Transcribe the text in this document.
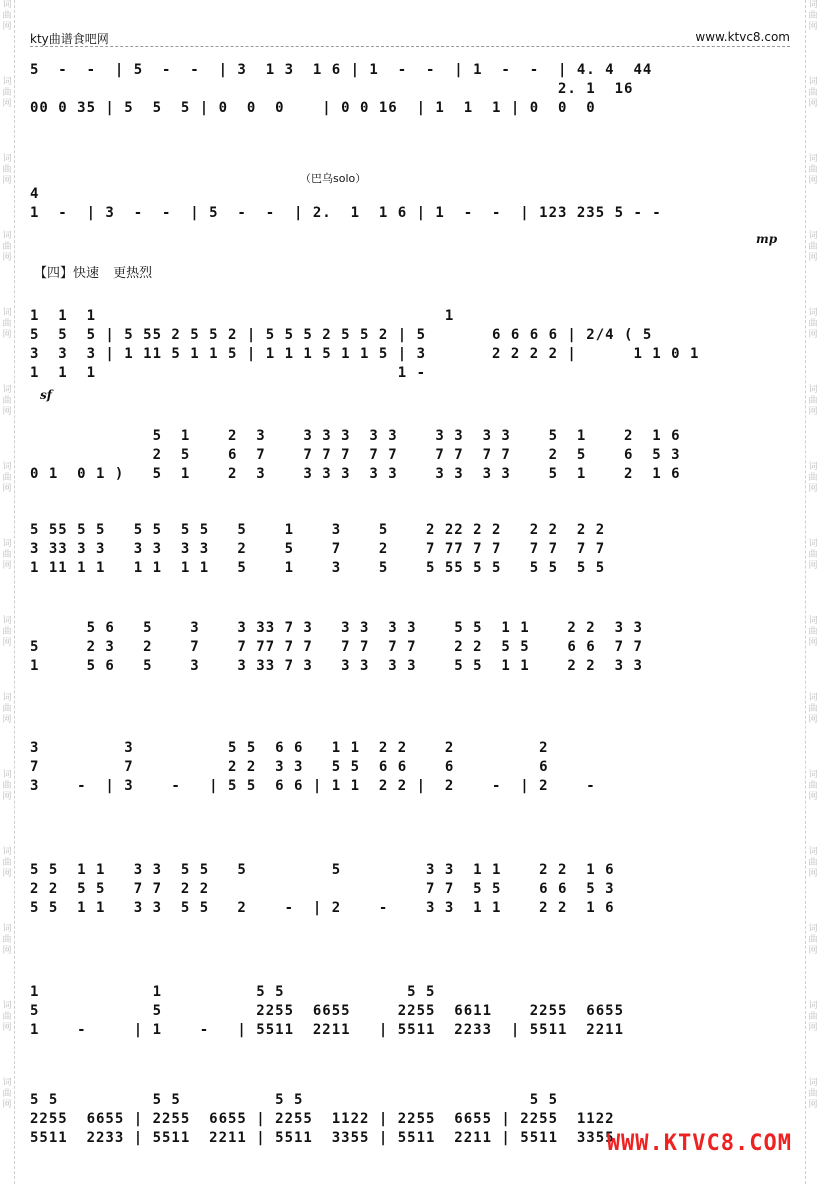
词
曲
网

词
曲
网

词
曲
网

词
曲
网

词
曲
网

词
曲
网

词
曲
网

词
曲
网

词
曲
网

词
曲
网

词
曲
网

词
曲
网

词
曲
网

词
曲
网

词
曲
网
词
曲
网

词
曲
网

词
曲
网

词
曲
网

词
曲
网

词
曲
网

词
曲
网

词
曲
网

词
曲
网

词
曲
网

词
曲
网

词
曲
网

词
曲
网

词
曲
网

词
曲
网
kty曲谱食吧网	www.ktvc8.com
5  -  -  | 5  -  -  | 3  1 3  1 6 | 1  -  -  | 1  -  -  | 4. 4  44
2. 1  16
00 0 35 | 5  5  5 | 0  0  0    | 0 0 16  | 1  1  1 | 0  0  0
4
1  -  | 3  -  -  | 5  -  -  | 2.  1  1 6 | 1  -  -  | 123 235 5 - -
（巴乌solo）
mp
【四】快速 更热烈
1  1  1                                     1
5  5  5 | 5 55 2 5 5 2 | 5 5 5 2 5 5 2 | 5       6 6 6 6 | 2/4 ( 5
3  3  3 | 1 11 5 1 1 5 | 1 1 1 5 1 1 5 | 3       2 2 2 2 |      1 1 0 1
1  1  1                                1 -
sf
5  1    2  3    3 3 3  3 3    3 3  3 3    5  1    2  1 6
2  5    6  7    7 7 7  7 7    7 7  7 7    2  5    6  5 3
0 1  0 1 )   5  1    2  3    3 3 3  3 3    3 3  3 3    5  1    2  1 6
5 55 5 5   5 5  5 5   5    1    3    5    2 22 2 2   2 2  2 2
3 33 3 3   3 3  3 3   2    5    7    2    7 77 7 7   7 7  7 7
1 11 1 1   1 1  1 1   5    1    3    5    5 55 5 5   5 5  5 5
5 6   5    3    3 33 7 3   3 3  3 3    5 5  1 1    2 2  3 3
5     2 3   2    7    7 77 7 7   7 7  7 7    2 2  5 5    6 6  7 7
1     5 6   5    3    3 33 7 3   3 3  3 3    5 5  1 1    2 2  3 3
3         3          5 5  6 6   1 1  2 2    2         2
7         7          2 2  3 3   5 5  6 6    6         6
3    -  | 3    -   | 5 5  6 6 | 1 1  2 2 |  2    -  | 2    -
5 5  1 1   3 3  5 5   5         5         3 3  1 1    2 2  1 6
2 2  5 5   7 7  2 2                       7 7  5 5    6 6  5 3
5 5  1 1   3 3  5 5   2    -  | 2    -    3 3  1 1    2 2  1 6
1            1          5 5             5 5
5            5          2255  6655     2255  6611    2255  6655
1    -     | 1    -   | 5511  2211   | 5511  2233  | 5511  2211
5 5          5 5          5 5                        5 5
2255  6655 | 2255  6655 | 2255  1122 | 2255  6655 | 2255  1122
5511  2233 | 5511  2211 | 5511  3355 | 5511  2211 | 5511  3355
WWW.KTVC8.COM
